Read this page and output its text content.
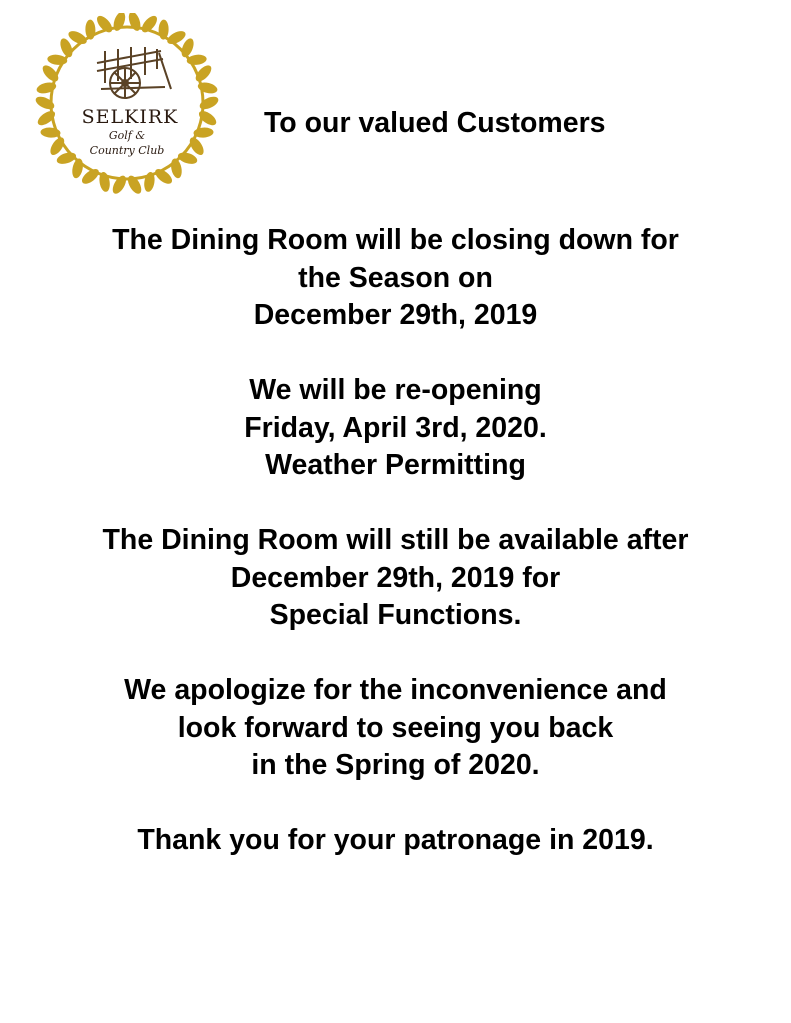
SELKIRK
Golf &
Country Club
To our valued Customers

The Dining Room will be closing down for
the Season on
December 29th, 2019

We will be re-opening
Friday, April 3rd, 2020.
Weather Permitting

The Dining Room will still be available after
December 29th, 2019 for
Special Functions.

We apologize for the inconvenience and
look forward to seeing you back
in the Spring of 2020.

Thank you for your patronage in 2019.
